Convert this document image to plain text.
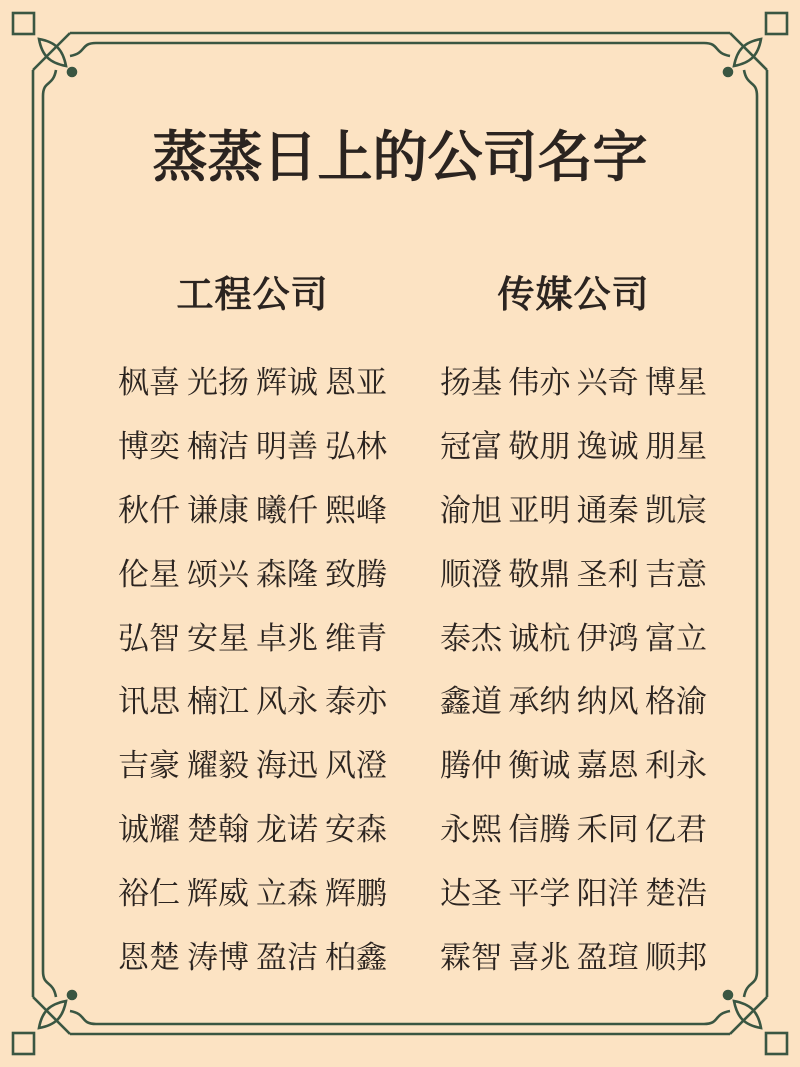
蒸蒸日上的公司名字
工程公司
枫喜 光扬 辉诚 恩亚
博奕 楠洁 明善 弘林
秋仟 谦康 曦仟 熙峰
伦星 颂兴 森隆 致腾
弘智 安星 卓兆 维青
讯思 楠江 风永 泰亦
吉豪 耀毅 海迅 风澄
诚耀 楚翰 龙诺 安森
裕仁 辉威 立森 辉鹏
恩楚 涛博 盈洁 柏鑫
传媒公司
扬基 伟亦 兴奇 博星
冠富 敬朋 逸诚 朋星
渝旭 亚明 通秦 凯宸
顺澄 敬鼎 圣利 吉意
泰杰 诚杭 伊鸿 富立
鑫道 承纳 纳风 格渝
腾仲 衡诚 嘉恩 利永
永熙 信腾 禾同 亿君
达圣 平学 阳洋 楚浩
霖智 喜兆 盈瑄 顺邦
